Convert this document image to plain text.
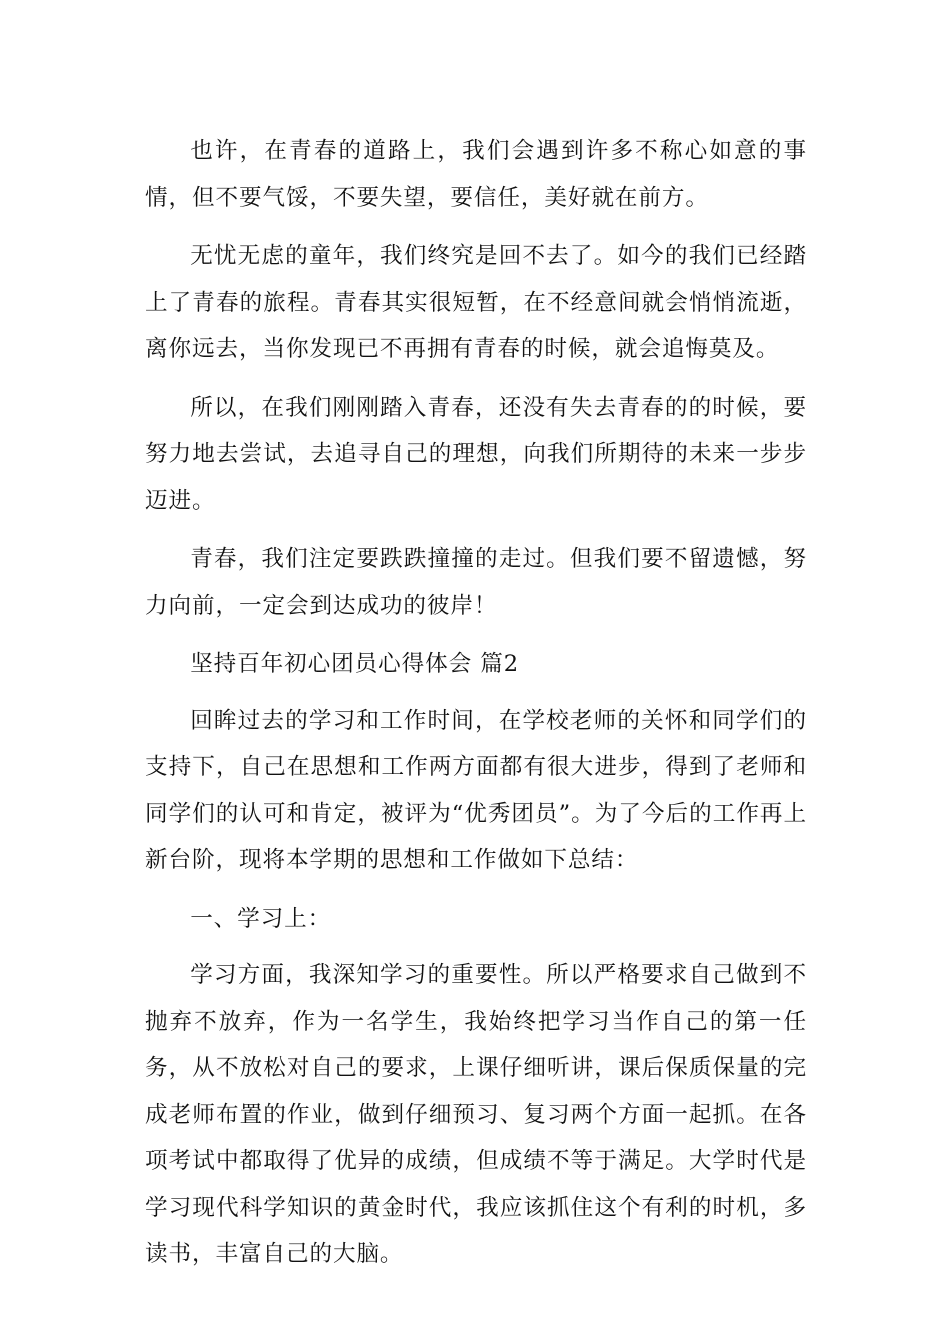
也许，在青春的道路上，我们会遇到许多不称心如意的事情，但不要气馁，不要失望，要信任，美好就在前方。

无忧无虑的童年，我们终究是回不去了。如今的我们已经踏上了青春的旅程。青春其实很短暂，在不经意间就会悄悄流逝，离你远去，当你发现已不再拥有青春的时候，就会追悔莫及。

所以，在我们刚刚踏入青春，还没有失去青春的的时候，要努力地去尝试，去追寻自己的理想，向我们所期待的未来一步步迈进。

青春，我们注定要跌跌撞撞的走过。但我们要不留遗憾，努力向前，一定会到达成功的彼岸！

坚持百年初心团员心得体会 篇2

回眸过去的学习和工作时间，在学校老师的关怀和同学们的支持下，自己在思想和工作两方面都有很大进步，得到了老师和同学们的认可和肯定，被评为“优秀团员”。为了今后的工作再上新台阶，现将本学期的思想和工作做如下总结：

一、学习上：

学习方面，我深知学习的重要性。所以严格要求自己做到不抛弃不放弃，作为一名学生，我始终把学习当作自己的第一任务，从不放松对自己的要求，上课仔细听讲，课后保质保量的完成老师布置的作业，做到仔细预习、复习两个方面一起抓。在各项考试中都取得了优异的成绩，但成绩不等于满足。大学时代是学习现代科学知识的黄金时代，我应该抓住这个有利的时机，多读书，丰富自己的大脑。
